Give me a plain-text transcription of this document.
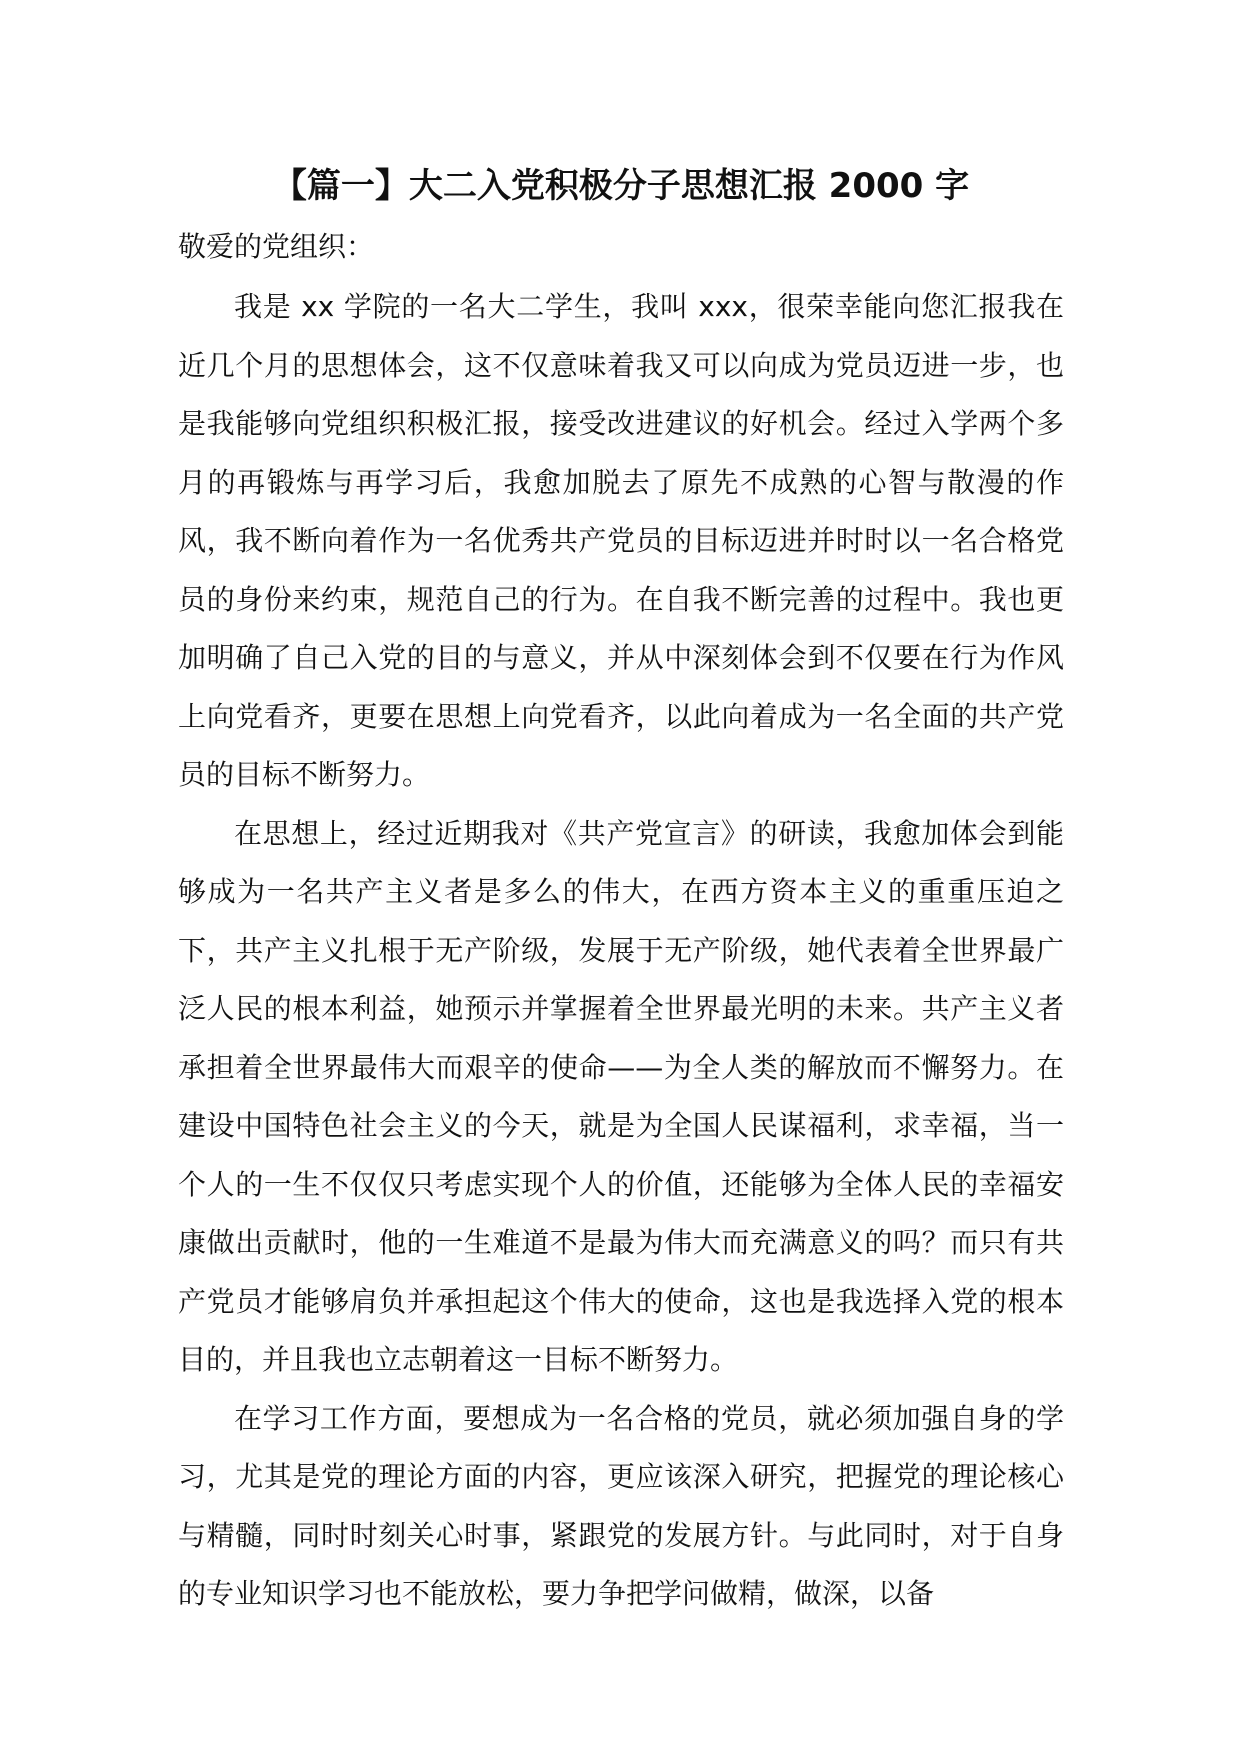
【篇一】大二入党积极分子思想汇报 2000 字

敬爱的党组织：

我是 xx 学院的一名大二学生，我叫 xxx，很荣幸能向您汇报我在近几个月的思想体会，这不仅意味着我又可以向成为党员迈进一步，也是我能够向党组织积极汇报，接受改进建议的好机会。经过入学两个多月的再锻炼与再学习后，我愈加脱去了原先不成熟的心智与散漫的作风，我不断向着作为一名优秀共产党员的目标迈进并时时以一名合格党员的身份来约束，规范自己的行为。在自我不断完善的过程中。我也更加明确了自己入党的目的与意义，并从中深刻体会到不仅要在行为作风上向党看齐，更要在思想上向党看齐，以此向着成为一名全面的共产党员的目标不断努力。

在思想上，经过近期我对《共产党宣言》的研读，我愈加体会到能够成为一名共产主义者是多么的伟大，在西方资本主义的重重压迫之下，共产主义扎根于无产阶级，发展于无产阶级，她代表着全世界最广泛人民的根本利益，她预示并掌握着全世界最光明的未来。共产主义者承担着全世界最伟大而艰辛的使命——为全人类的解放而不懈努力。在建设中国特色社会主义的今天，就是为全国人民谋福利，求幸福，当一个人的一生不仅仅只考虑实现个人的价值，还能够为全体人民的幸福安康做出贡献时，他的一生难道不是最为伟大而充满意义的吗？而只有共产党员才能够肩负并承担起这个伟大的使命，这也是我选择入党的根本目的，并且我也立志朝着这一目标不断努力。

在学习工作方面，要想成为一名合格的党员，就必须加强自身的学习，尤其是党的理论方面的内容，更应该深入研究，把握党的理论核心与精髓，同时时刻关心时事，紧跟党的发展方针。与此同时，对于自身的专业知识学习也不能放松，要力争把学问做精，做深，以备
